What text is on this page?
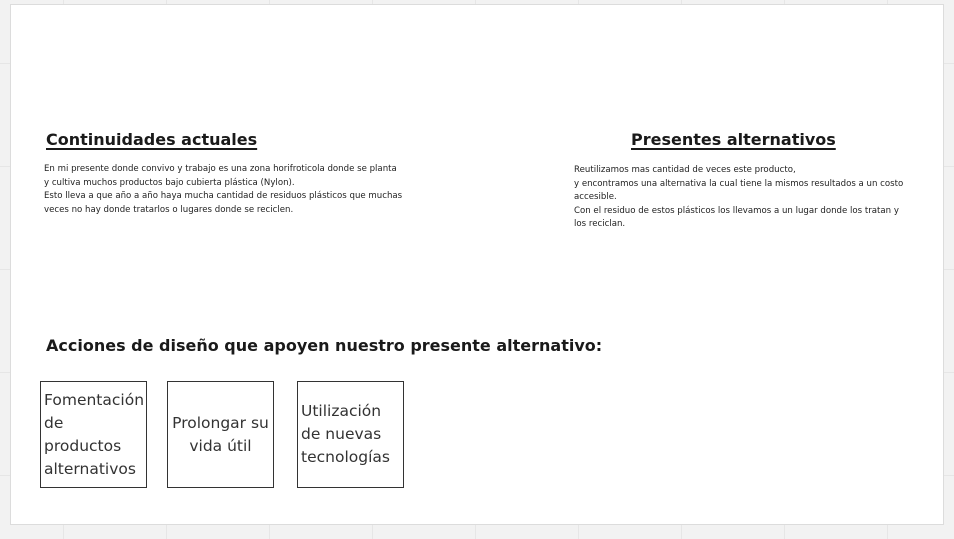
Continuidades actuales

En mi presente donde convivo y trabajo es una zona horifroticola donde se planta

y cultiva muchos productos bajo cubierta plástica (Nylon).

Esto lleva a que año a año haya mucha cantidad de residuos plásticos que muchas

veces no hay donde tratarlos o lugares donde se reciclen.

Presentes alternativos

Reutilizamos mas cantidad de veces este producto,

y encontramos una alternativa la cual tiene la mismos resultados a un costo

accesible.

Con el residuo de estos plásticos los llevamos a un lugar donde los tratan y

los reciclan.

Acciones de diseño que apoyen nuestro presente alternativo:
Fomentación de productos alternativos
Prolongar su vida útil
Utilización de nuevas tecnologías
